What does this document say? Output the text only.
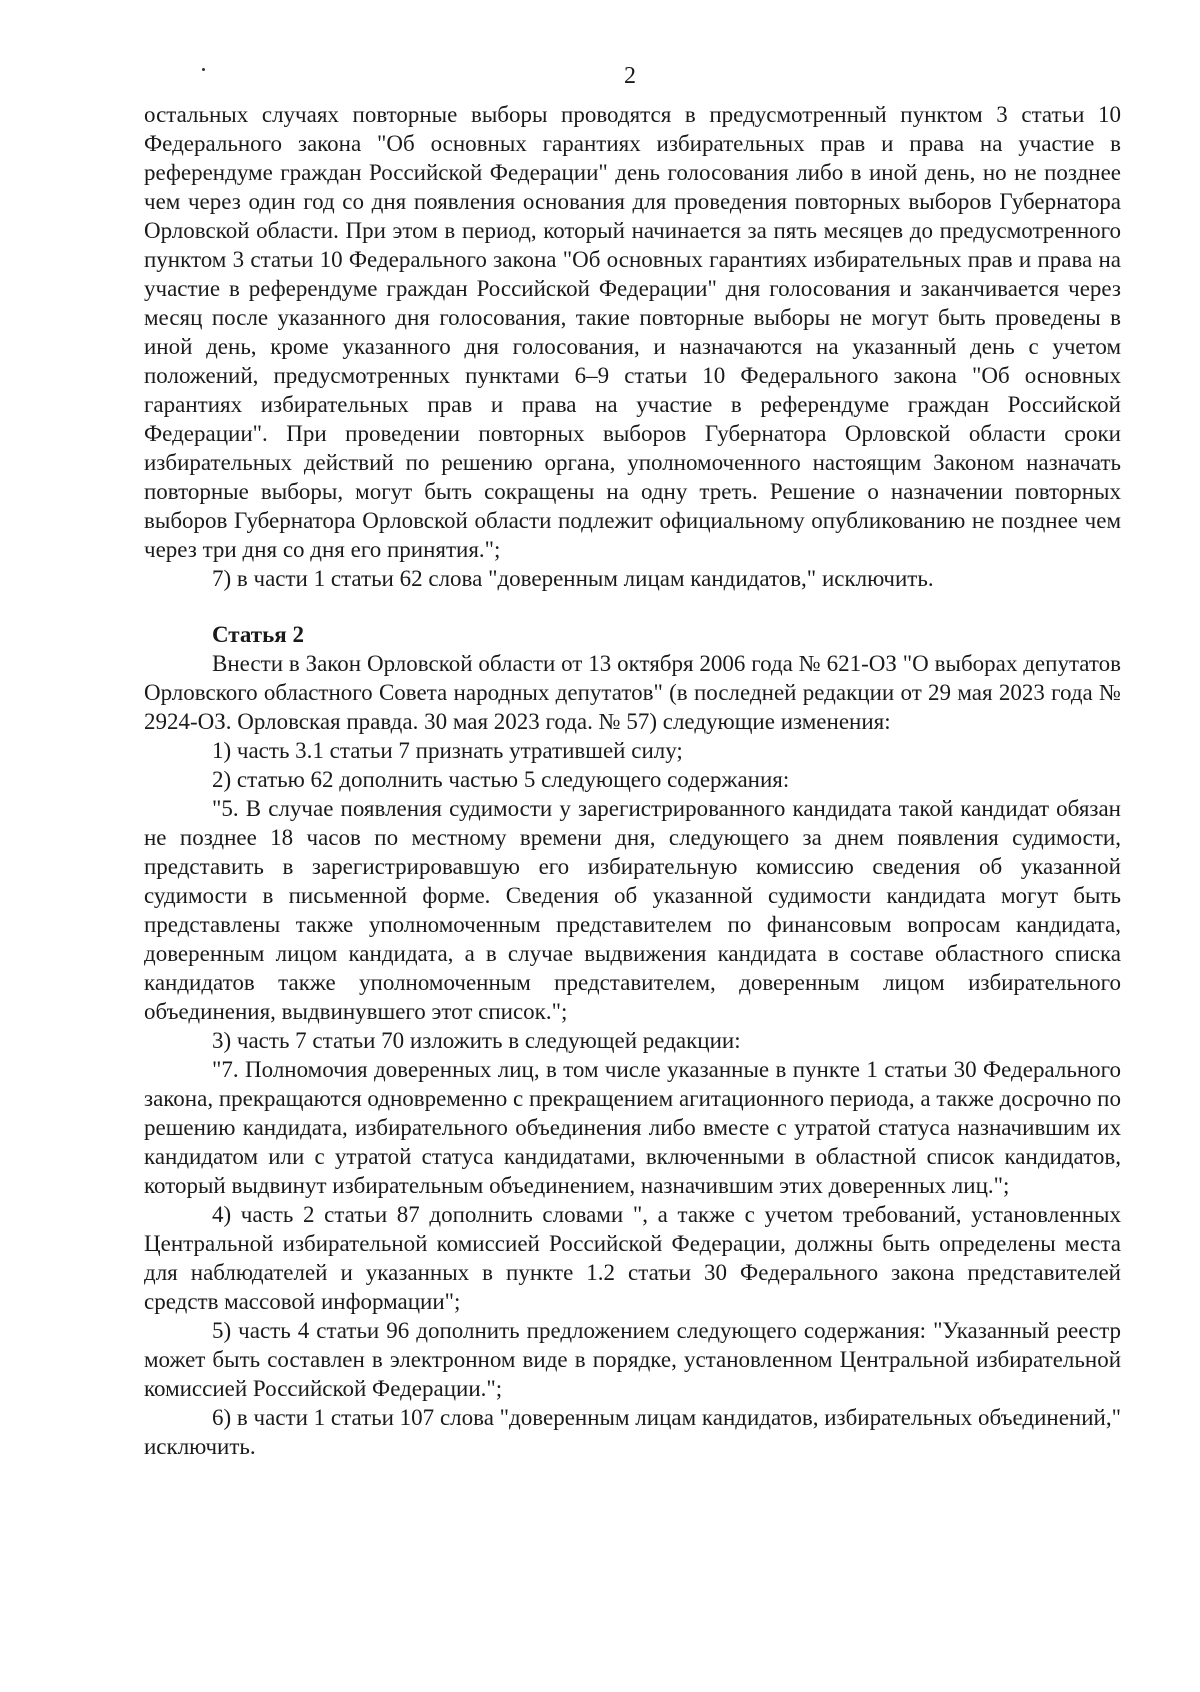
2

остальных случаях повторные выборы проводятся в предусмотренный пунктом 3 статьи 10 Федерального закона "Об основных гарантиях избирательных прав и права на участие в референдуме граждан Российской Федерации" день голосования либо в иной день, но не позднее чем через один год со дня появления основания для проведения повторных выборов Губернатора Орловской области. При этом в период, который начинается за пять месяцев до предусмотренного пунктом 3 статьи 10 Федерального закона "Об основных гарантиях избирательных прав и права на участие в референдуме граждан Российской Федерации" дня голосования и заканчивается через месяц после указанного дня голосования, такие повторные выборы не могут быть проведены в иной день, кроме указанного дня голосования, и назначаются на указанный день с учетом положений, предусмотренных пунктами 6–9 статьи 10 Федерального закона "Об основных гарантиях избирательных прав и права на участие в референдуме граждан Российской Федерации". При проведении повторных выборов Губернатора Орловской области сроки избирательных действий по решению органа, уполномоченного настоящим Законом назначать повторные выборы, могут быть сокращены на одну треть. Решение о назначении повторных выборов Губернатора Орловской области подлежит официальному опубликованию не позднее чем через три дня со дня его принятия.";

7) в части 1 статьи 62 слова "доверенным лицам кандидатов," исключить.

Статья 2

Внести в Закон Орловской области от 13 октября 2006 года № 621-ОЗ "О выборах депутатов Орловского областного Совета народных депутатов" (в последней редакции от 29 мая 2023 года № 2924-ОЗ. Орловская правда. 30 мая 2023 года. № 57) следующие изменения:

1) часть 3.1 статьи 7 признать утратившей силу;

2) статью 62 дополнить частью 5 следующего содержания:

"5. В случае появления судимости у зарегистрированного кандидата такой кандидат обязан не позднее 18 часов по местному времени дня, следующего за днем появления судимости, представить в зарегистрировавшую его избирательную комиссию сведения об указанной судимости в письменной форме. Сведения об указанной судимости кандидата могут быть представлены также уполномоченным представителем по финансовым вопросам кандидата, доверенным лицом кандидата, а в случае выдвижения кандидата в составе областного списка кандидатов также уполномоченным представителем, доверенным лицом избирательного объединения, выдвинувшего этот список.";

3) часть 7 статьи 70 изложить в следующей редакции:

"7. Полномочия доверенных лиц, в том числе указанные в пункте 1 статьи 30 Федерального закона, прекращаются одновременно с прекращением агитационного периода, а также досрочно по решению кандидата, избирательного объединения либо вместе с утратой статуса назначившим их кандидатом или с утратой статуса кандидатами, включенными в областной список кандидатов, который выдвинут избирательным объединением, назначившим этих доверенных лиц.";

4) часть 2 статьи 87 дополнить словами ", а также с учетом требований, установленных Центральной избирательной комиссией Российской Федерации, должны быть определены места для наблюдателей и указанных в пункте 1.2 статьи 30 Федерального закона представителей средств массовой информации";

5) часть 4 статьи 96 дополнить предложением следующего содержания: "Указанный реестр может быть составлен в электронном виде в порядке, установленном Центральной избирательной комиссией Российской Федерации.";

6) в части 1 статьи 107 слова "доверенным лицам кандидатов, избирательных объединений," исключить.
